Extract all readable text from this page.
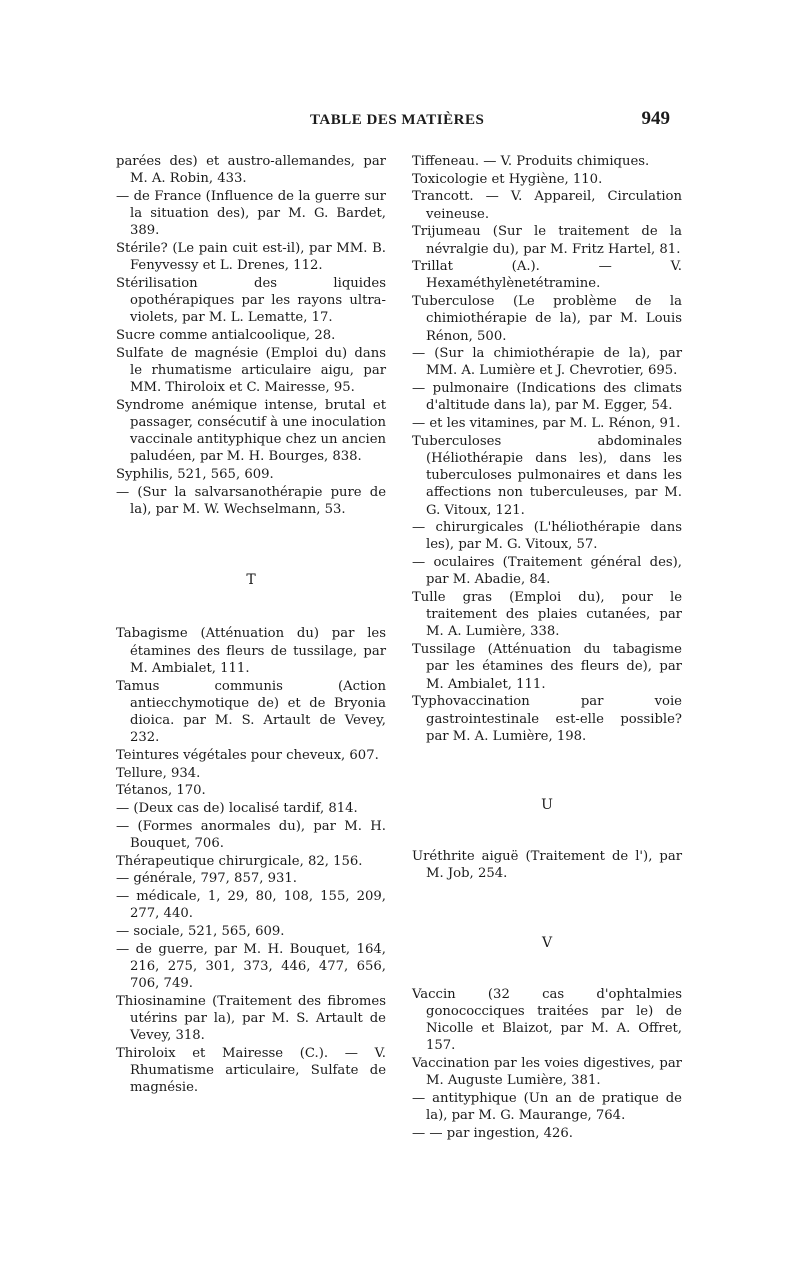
TABLE DES MATIÈRES	949

parées des) et austro-allemandes, par M. A. Robin, 433.

— de France (Influence de la guerre sur la situation des), par M. G. Bardet, 389.

Stérile? (Le pain cuit est-il), par MM. B. Fenyvessy et L. Drenes, 112.

Stérilisation des liquides opothérapiques par les rayons ultra-violets, par M. L. Lematte, 17.

Sucre comme antialcoolique, 28.

Sulfate de magnésie (Emploi du) dans le rhumatisme articulaire aigu, par MM. Thiroloix et C. Mairesse, 95.

Syndrome anémique intense, brutal et passager, consécutif à une inoculation vaccinale antityphique chez un ancien paludéen, par M. H. Bourges, 838.

Syphilis, 521, 565, 609.

— (Sur la salvarsanothérapie pure de la), par M. W. Wechselmann, 53.

T

Tabagisme (Atténuation du) par les étamines des fleurs de tussilage, par M. Ambialet, 111.

Tamus communis (Action antiecchymotique de) et de Bryonia dioica. par M. S. Artault de Vevey, 232.

Teintures végétales pour cheveux, 607.

Tellure, 934.

Tétanos, 170.

— (Deux cas de) localisé tardif, 814.

— (Formes anormales du), par M. H. Bouquet, 706.

Thérapeutique chirurgicale, 82, 156.

— générale, 797, 857, 931.

— médicale, 1, 29, 80, 108, 155, 209, 277, 440.

— sociale, 521, 565, 609.

— de guerre, par M. H. Bouquet, 164, 216, 275, 301, 373, 446, 477, 656, 706, 749.

Thiosinamine (Traitement des fibromes utérins par la), par M. S. Artault de Vevey, 318.

Thiroloix et Mairesse (C.). — V. Rhumatisme articulaire, Sulfate de magnésie.

Tiffeneau. — V. Produits chimiques.

Toxicologie et Hygiène, 110.

Trancott. — V. Appareil, Circulation veineuse.

Trijumeau (Sur le traitement de la névralgie du), par M. Fritz Hartel, 81.

Trillat (A.). — V. Hexaméthylènetétramine.

Tuberculose (Le problème de la chimiothérapie de la), par M. Louis Rénon, 500.

— (Sur la chimiothérapie de la), par MM. A. Lumière et J. Chevrotier, 695.

— pulmonaire (Indications des climats d'altitude dans la), par M. Egger, 54.

— et les vitamines, par M. L. Rénon, 91.

Tuberculoses abdominales (Héliothérapie dans les), dans les tuberculoses pulmonaires et dans les affections non tuberculeuses, par M. G. Vitoux, 121.

— chirurgicales (L'héliothérapie dans les), par M. G. Vitoux, 57.

— oculaires (Traitement général des), par M. Abadie, 84.

Tulle gras (Emploi du), pour le traitement des plaies cutanées, par M. A. Lumière, 338.

Tussilage (Atténuation du tabagisme par les étamines des fleurs de), par M. Ambialet, 111.

Typhovaccination par voie gastrointestinale est-elle possible? par M. A. Lumière, 198.

U

Uréthrite aiguë (Traitement de l'), par M. Job, 254.

V

Vaccin (32 cas d'ophtalmies gonococciques traitées par le) de Nicolle et Blaizot, par M. A. Offret, 157.

Vaccination par les voies digestives, par M. Auguste Lumière, 381.

— antityphique (Un an de pratique de la), par M. G. Maurange, 764.

— — par ingestion, 426.
